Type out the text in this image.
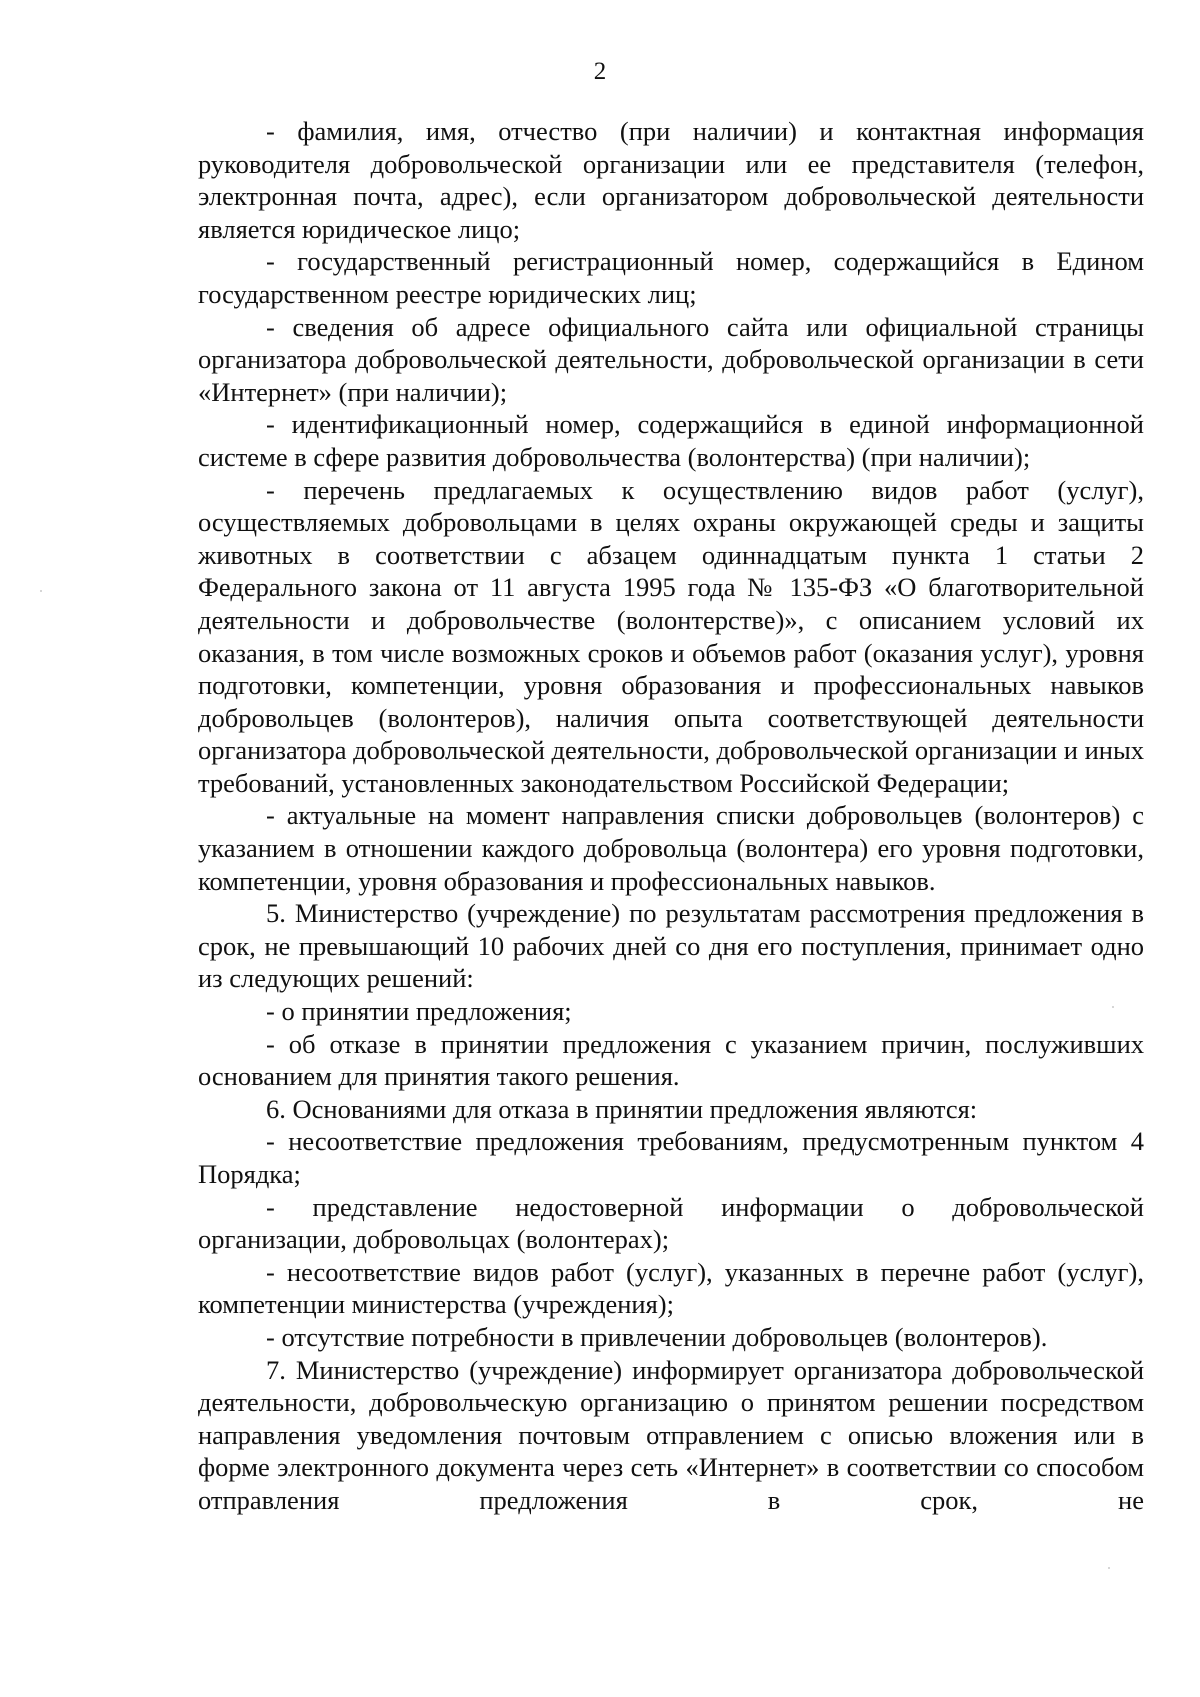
2

- фамилия, имя, отчество (при наличии) и контактная информация руководителя добровольческой организации или ее представителя (телефон, электронная почта, адрес), если организатором добровольческой деятельности является юридическое лицо;

- государственный регистрационный номер, содержащийся в Едином государственном реестре юридических лиц;

- сведения об адресе официального сайта или официальной страницы организатора добровольческой деятельности, добровольческой организации в сети «Интернет» (при наличии);

- идентификационный номер, содержащийся в единой информационной системе в сфере развития добровольчества (волонтерства) (при наличии);

- перечень предлагаемых к осуществлению видов работ (услуг), осуществляемых добровольцами в целях охраны окружающей среды и защиты животных в соответствии с абзацем одиннадцатым пункта 1 статьи 2 Федерального закона от 11 августа 1995 года № 135-ФЗ «О благотворительной деятельности и добровольчестве (волонтерстве)», с описанием условий их оказания, в том числе возможных сроков и объемов работ (оказания услуг), уровня подготовки, компетенции, уровня образования и профессиональных навыков добровольцев (волонтеров), наличия опыта соответствующей деятельности организатора добровольческой деятельности, добровольческой организации и иных требований, установленных законодательством Российской Федерации;

- актуальные на момент направления списки добровольцев (волонтеров) с указанием в отношении каждого добровольца (волонтера) его уровня подготовки, компетенции, уровня образования и профессиональных навыков.

5. Министерство (учреждение) по результатам рассмотрения предложения в срок, не превышающий 10 рабочих дней со дня его поступления, принимает одно из следующих решений:

- о принятии предложения;

- об отказе в принятии предложения с указанием причин, послуживших основанием для принятия такого решения.

6. Основаниями для отказа в принятии предложения являются:

- несоответствие предложения требованиям, предусмотренным пунктом 4 Порядка;

- представление недостоверной информации о добровольческой организации, добровольцах (волонтерах);

- несоответствие видов работ (услуг), указанных в перечне работ (услуг), компетенции министерства (учреждения);

- отсутствие потребности в привлечении добровольцев (волонтеров).

7. Министерство (учреждение) информирует организатора добровольческой деятельности, добровольческую организацию о принятом решении посредством направления уведомления почтовым отправлением с описью вложения или в форме электронного документа через сеть «Интернет» в соответствии со способом отправления предложения в срок, не
